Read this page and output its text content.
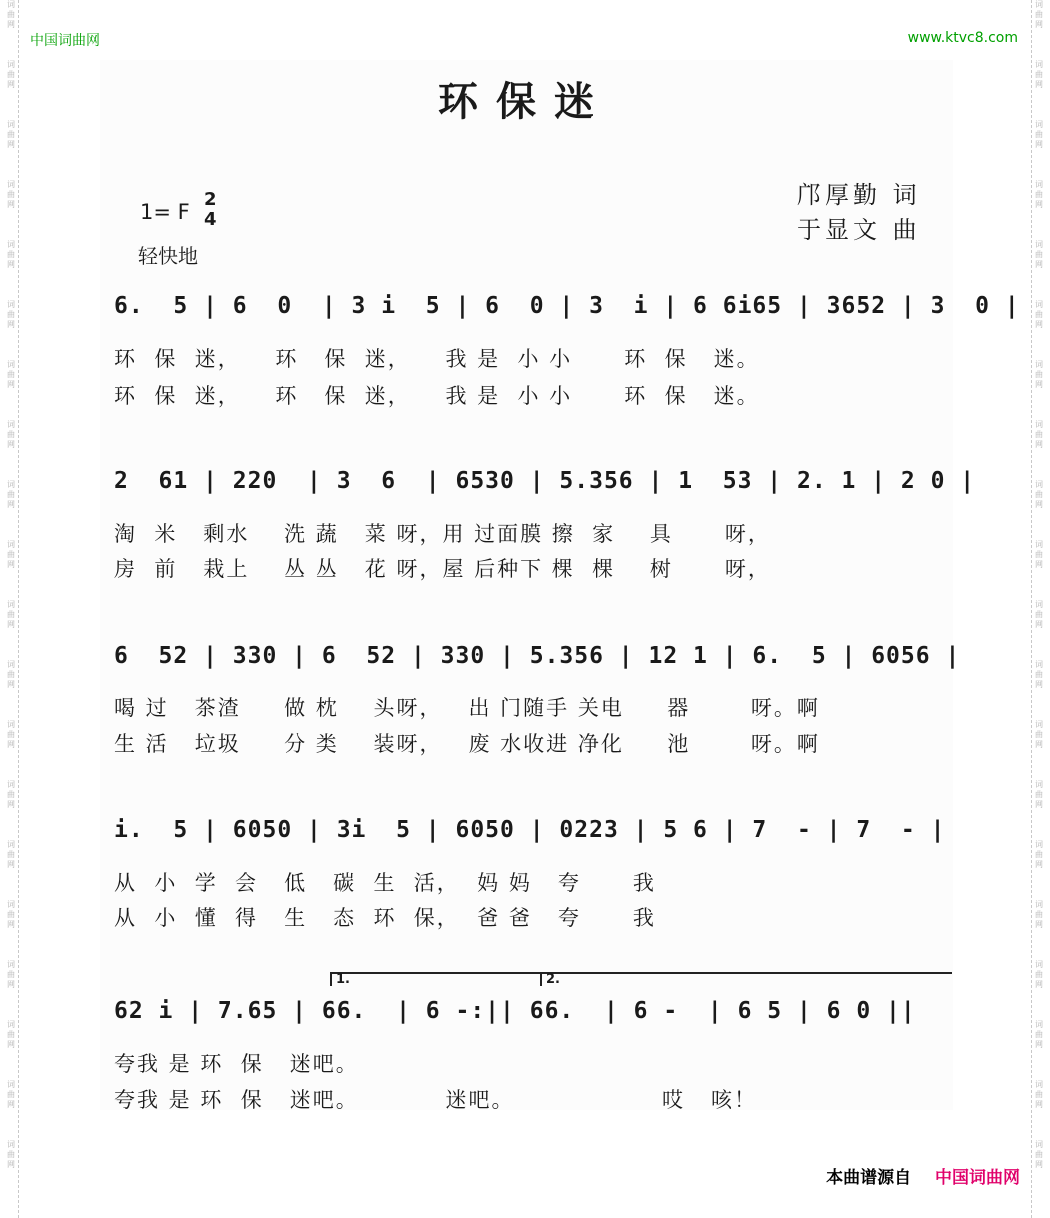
词曲网
词曲网
词曲网
词曲网
词曲网
词曲网
词曲网
词曲网
词曲网
词曲网
词曲网
词曲网
词曲网
词曲网
词曲网
词曲网
词曲网
词曲网
词曲网
词曲网
词曲网
词曲网
词曲网
词曲网
词曲网
词曲网
词曲网
词曲网
词曲网
词曲网
词曲网
词曲网
词曲网
词曲网
词曲网
词曲网
词曲网
词曲网
词曲网
词曲网
中国词曲网	www.ktvc8.com
环保迷
1= F
2
4
轻快地
邝厚勤 词
于显文 曲
6.  5 | 6  0  | 3 i  5 | 6  0 | 3  i | 6 6i65 | 3652 | 3  0 |
环  保  迷，    环   保  迷，    我 是  小 小      环  保   迷。
环  保  迷，    环   保  迷，    我 是  小 小      环  保   迷。
2  61 | 220  | 3  6  | 6530 | 5.356 | 1  53 | 2. 1 | 2 0 |
淘  米   剩水    洗 蔬   菜 呀，用 过面膜 擦  家    具      呀，
房  前   栽上    丛 丛   花 呀，屋 后种下 棵  棵    树      呀，
6  52 | 330 | 6  52 | 330 | 5.356 | 12 1 | 6.  5 | 6056 |
喝 过   茶渣     做 枕    头呀，   出 门随手 关电     器       呀。啊
生 活   垃圾     分 类    装呀，   废 水收进 净化     池       呀。啊
i.  5 | 6050 | 3i  5 | 6050 | 0223 | 5 6 | 7  - | 7  - |
从  小  学  会   低   碳  生  活，  妈 妈   夸      我
从  小  懂  得   生   态  环  保，  爸 爸   夸      我
1.	2.
62 i | 7.65 | 66.  | 6 -:|| 66.  | 6 -  | 6 5 | 6 0 ||
夸我 是 环  保   迷吧。
夸我 是 环  保   迷吧。          迷吧。                 哎   咳！
本曲谱源自 中国词曲网
